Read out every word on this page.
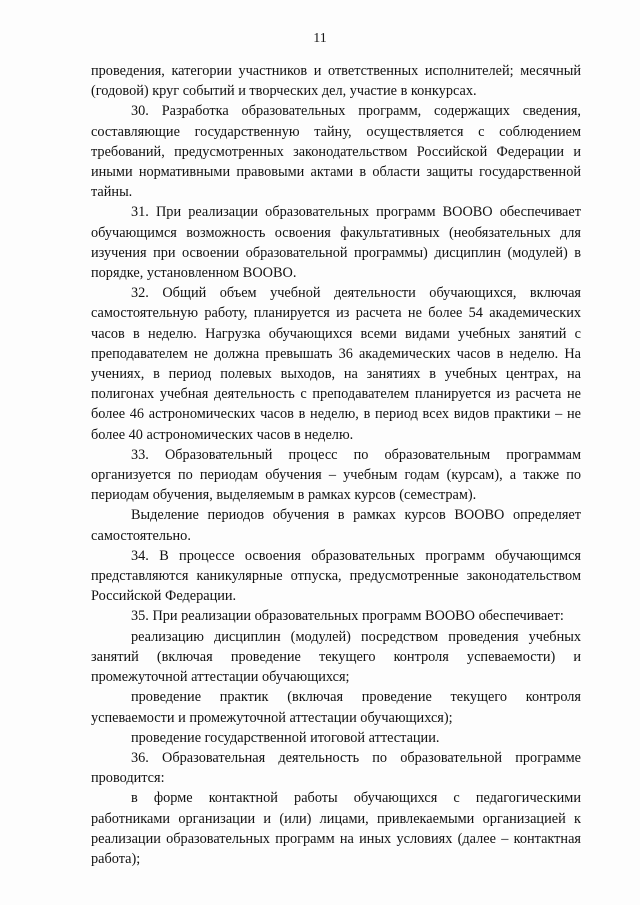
11

проведения, категории участников и ответственных исполнителей; месячный (годовой) круг событий и творческих дел, участие в конкурсах.

30. Разработка образовательных программ, содержащих сведения, составляющие государственную тайну, осуществляется с соблюдением требований, предусмотренных законодательством Российской Федерации и иными нормативными правовыми актами в области защиты государственной тайны.

31. При реализации образовательных программ ВООВО обеспечивает обучающимся возможность освоения факультативных (необязательных для изучения при освоении образовательной программы) дисциплин (модулей) в порядке, установленном ВООВО.

32. Общий объем учебной деятельности обучающихся, включая самостоятельную работу, планируется из расчета не более 54 академических часов в неделю. Нагрузка обучающихся всеми видами учебных занятий с преподавателем не должна превышать 36 академических часов в неделю. На учениях, в период полевых выходов, на занятиях в учебных центрах, на полигонах учебная деятельность с преподавателем планируется из расчета не более 46 астрономических часов в неделю, в период всех видов практики – не более 40 астрономических часов в неделю.

33. Образовательный процесс по образовательным программам организуется по периодам обучения – учебным годам (курсам), а также по периодам обучения, выделяемым в рамках курсов (семестрам).

Выделение периодов обучения в рамках курсов ВООВО определяет самостоятельно.

34. В процессе освоения образовательных программ обучающимся представляются каникулярные отпуска, предусмотренные законодательством Российской Федерации.

35. При реализации образовательных программ ВООВО обеспечивает:

реализацию дисциплин (модулей) посредством проведения учебных занятий (включая проведение текущего контроля успеваемости) и промежуточной аттестации обучающихся;

проведение практик (включая проведение текущего контроля успеваемости и промежуточной аттестации обучающихся);

проведение государственной итоговой аттестации.

36. Образовательная деятельность по образовательной программе проводится:

в форме контактной работы обучающихся с педагогическими работниками организации и (или) лицами, привлекаемыми организацией к реализации образовательных программ на иных условиях (далее – контактная работа);
